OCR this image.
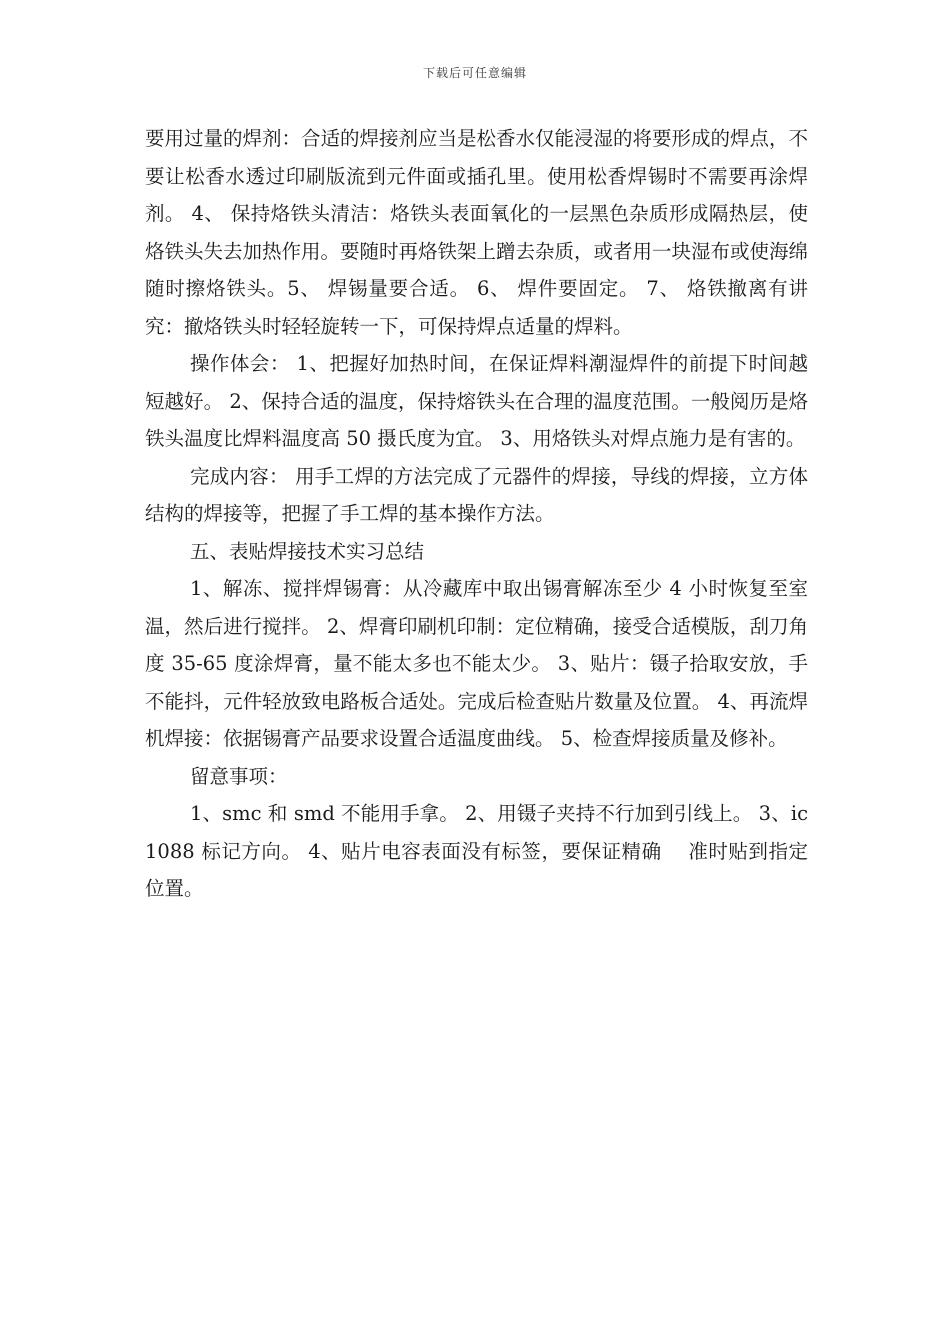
下载后可任意编辑

要用过量的焊剂：合适的焊接剂应当是松香水仅能浸湿的将要形成的焊点，不要让松香水透过印刷版流到元件面或插孔里。使用松香焊锡时不需要再涂焊剂。 4、 保持烙铁头清洁：烙铁头表面氧化的一层黑色杂质形成隔热层，使烙铁头失去加热作用。要随时再烙铁架上蹭去杂质，或者用一块湿布或使海绵随时擦烙铁头。5、 焊锡量要合适。 6、 焊件要固定。 7、 烙铁撤离有讲究：撤烙铁头时轻轻旋转一下，可保持焊点适量的焊料。

操作体会： 1、把握好加热时间，在保证焊料潮湿焊件的前提下时间越短越好。 2、保持合适的温度，保持熔铁头在合理的温度范围。一般阅历是烙铁头温度比焊料温度高 50 摄氏度为宜。 3、用烙铁头对焊点施力是有害的。

完成内容： 用手工焊的方法完成了元器件的焊接，导线的焊接，立方体结构的焊接等，把握了手工焊的基本操作方法。

五、表贴焊接技术实习总结

1、解冻、搅拌焊锡膏：从冷藏库中取出锡膏解冻至少 4 小时恢复至室温，然后进行搅拌。 2、焊膏印刷机印制：定位精确，接受合适模版，刮刀角度 35-65 度涂焊膏，量不能太多也不能太少。 3、贴片：镊子拾取安放，手不能抖，元件轻放致电路板合适处。完成后检查贴片数量及位置。 4、再流焊机焊接：依据锡膏产品要求设置合适温度曲线。 5、检查焊接质量及修补。

留意事项：

1、smc 和 smd 不能用手拿。 2、用镊子夹持不行加到引线上。 3、ic1088 标记方向。 4、贴片电容表面没有标签，要保证精确　 准时贴到指定位置。
